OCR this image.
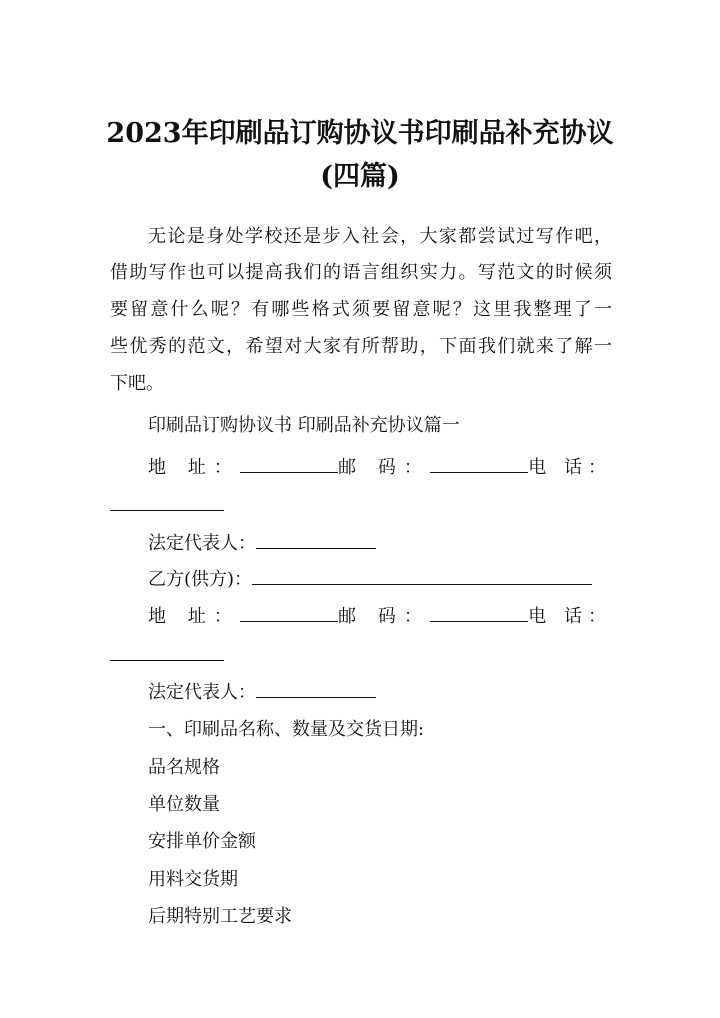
2023年印刷品订购协议书印刷品补充协议
(四篇)
无论是身处学校还是步入社会，大家都尝试过写作吧，
借助写作也可以提高我们的语言组织实力。写范文的时候须
要留意什么呢？有哪些格式须要留意呢？这里我整理了一
些优秀的范文，希望对大家有所帮助，下面我们就来了解一
下吧。
印刷品订购协议书 印刷品补充协议篇一
地 址：	邮 码：	电 话：
法定代表人：
乙方(供方)：
地 址：	邮 码：	电 话：
法定代表人：
一、印刷品名称、数量及交货日期:
品名规格
单位数量
安排单价金额
用料交货期
后期特别工艺要求
